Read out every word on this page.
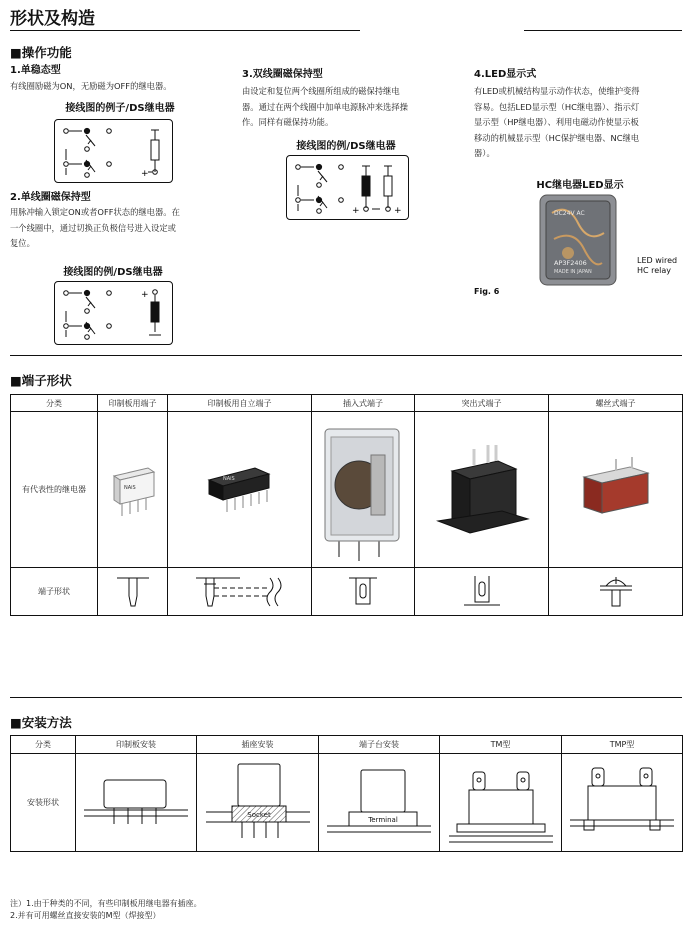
形状及构造
■操作功能
1.单稳态型
有线圈励磁为ON，无励磁为OFF的继电器。
接线图的例子/DS继电器
+
2.单线圈磁保持型
用脉冲输入锁定ON或者OFF状态的继电器。在
一个线圈中，通过切换正负极信号进入设定或
复位。
接线图的例/DS继电器
+
3.双线圈磁保持型
由设定和复位两个线圈所组成的磁保持继电
器。通过在两个线圈中加单电源脉冲来选择操
作。同样有磁保持功能。
接线图的例/DS继电器
+	+
4.LED显示式
有LED或机械结构显示动作状态，使维护变得
容易。包括LED显示型（HC继电器）、指示灯
显示型（HP继电器）、利用电磁动作使显示板
移动的机械显示型（HC保护继电器、NC继电
器）。
HC继电器LED显示
DC24V AC
AP3F2406
MADE IN JAPAN
LED wired
HC relay
Fig. 6
■端子形状
分类	印制板用端子	印制板用自立端子	插入式端子	突出式端子	螺丝式端子
有代表性的继电器	NAiS	NAiS

端子形状	

■安装方法
分类	印制板安装	插座安装	端子台安装	TM型	TMP型
安装形状		Socket	Terminal

注）1.由于种类的不同，有些印制板用继电器有插座。
2.并有可用螺丝直接安装的M型（焊接型）
